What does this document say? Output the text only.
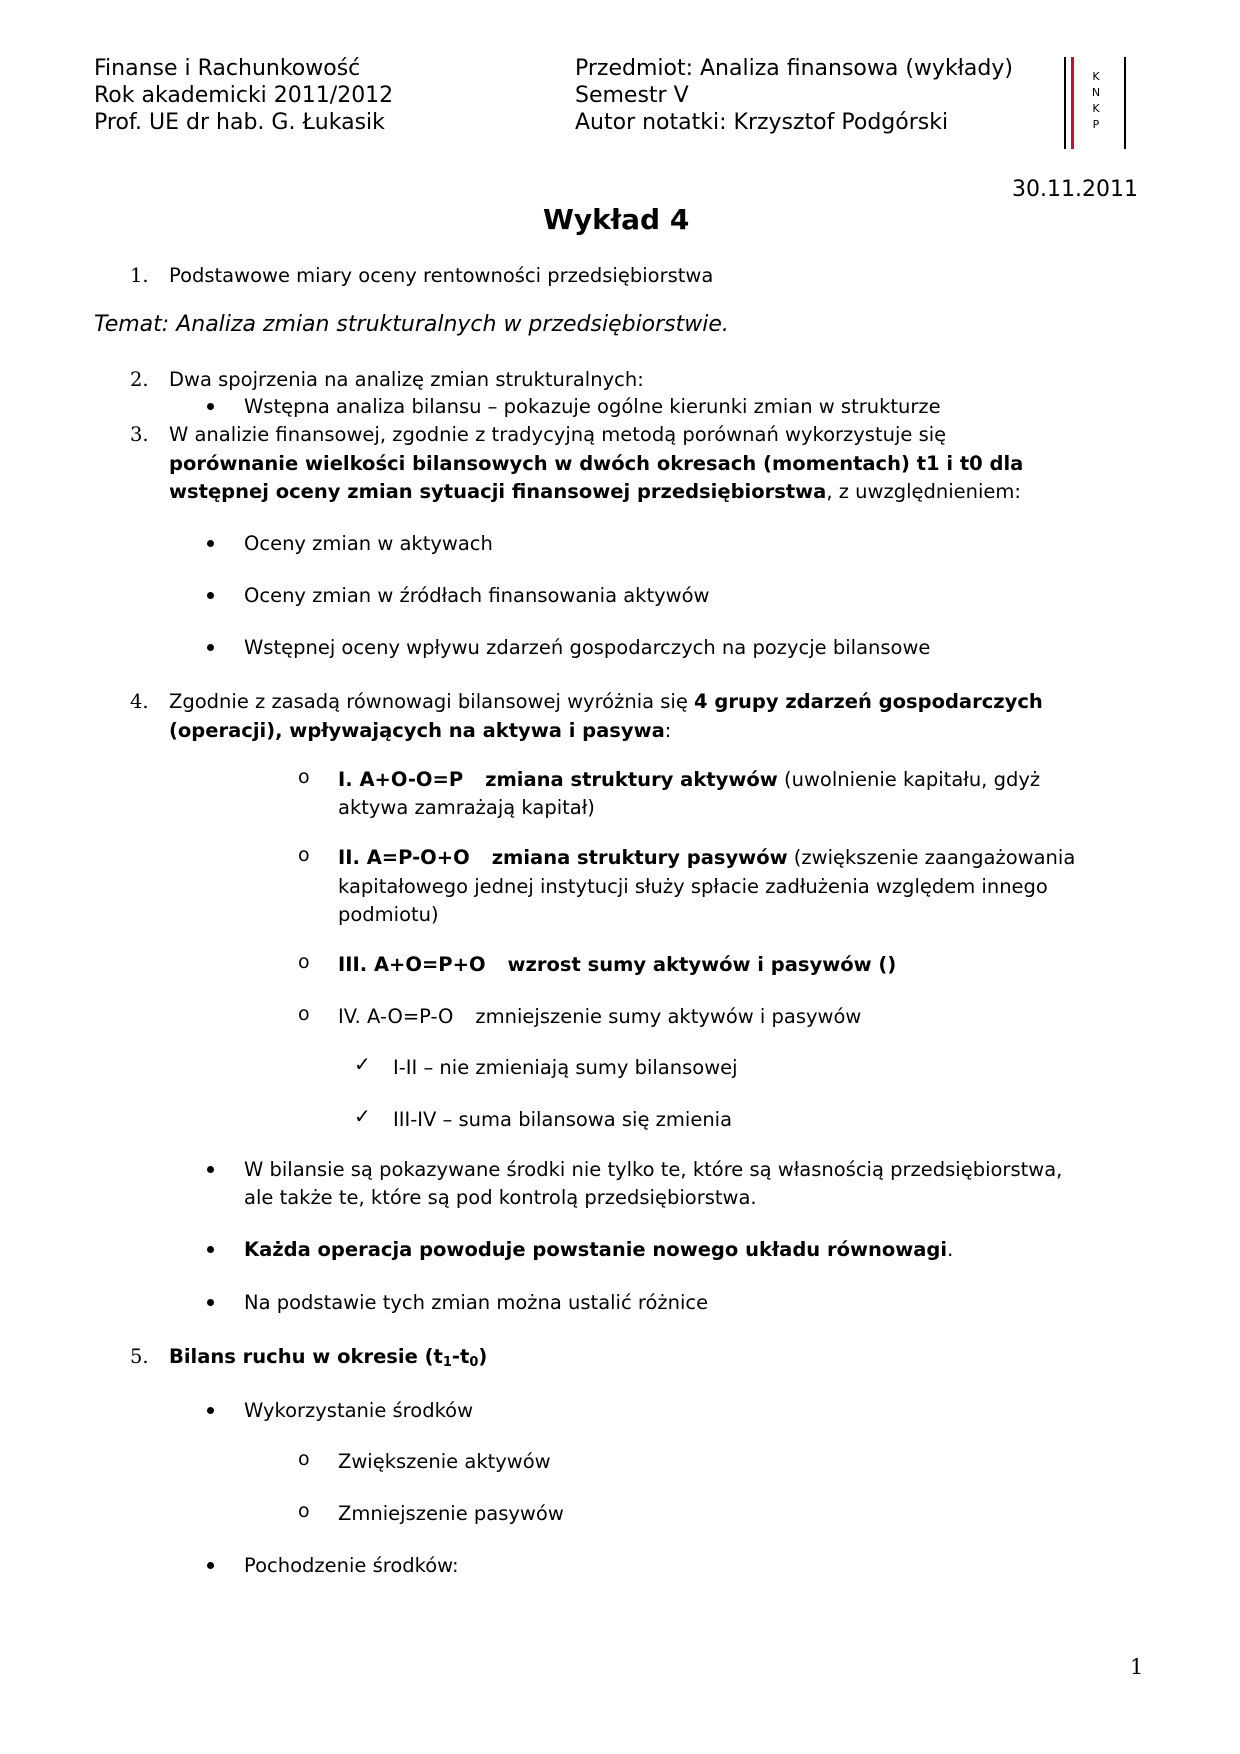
Finanse i Rachunkowość
Rok akademicki 2011/2012
Prof. UE dr hab. G. Łukasik
Przedmiot: Analiza finansowa (wykłady)
Semestr V
Autor notatki: Krzysztof Podgórski
K
N
K
P
30.11.2011
Wykład 4
1. Podstawowe miary oceny rentowności przedsiębiorstwa
Temat: Analiza zmian strukturalnych w przedsiębiorstwie.
2. Dwa spojrzenia na analizę zmian strukturalnych:
Wstępna analiza bilansu – pokazuje ogólne kierunki zmian w strukturze
3. W analizie finansowej, zgodnie z tradycyjną metodą porównań wykorzystuje się
porównanie wielkości bilansowych w dwóch okresach (momentach) t1 i t0 dla
wstępnej oceny zmian sytuacji finansowej przedsiębiorstwa, z uwzględnieniem:
Oceny zmian w aktywach
Oceny zmian w źródłach finansowania aktywów
Wstępnej oceny wpływu zdarzeń gospodarczych na pozycje bilansowe
4. Zgodnie z zasadą równowagi bilansowej wyróżnia się 4 grupy zdarzeń gospodarczych
(operacji), wpływających na aktywa i pasywa:
o I. A+O-O=P zmiana struktury aktywów (uwolnienie kapitału, gdyż
aktywa zamrażają kapitał)
o II. A=P-O+O zmiana struktury pasywów (zwiększenie zaangażowania
kapitałowego jednej instytucji służy spłacie zadłużenia względem innego
podmiotu)
o III. A+O=P+O wzrost sumy aktywów i pasywów ()
o IV. A-O=P-O zmniejszenie sumy aktywów i pasywów
✓ I-II – nie zmieniają sumy bilansowej
✓ III-IV – suma bilansowa się zmienia
W bilansie są pokazywane środki nie tylko te, które są własnością przedsiębiorstwa,
ale także te, które są pod kontrolą przedsiębiorstwa.
Każda operacja powoduje powstanie nowego układu równowagi.
Na podstawie tych zmian można ustalić różnice
5. Bilans ruchu w okresie $(t_1-t_0)$
Wykorzystanie środków
o Zwiększenie aktywów
o Zmniejszenie pasywów
Pochodzenie środków:
1
